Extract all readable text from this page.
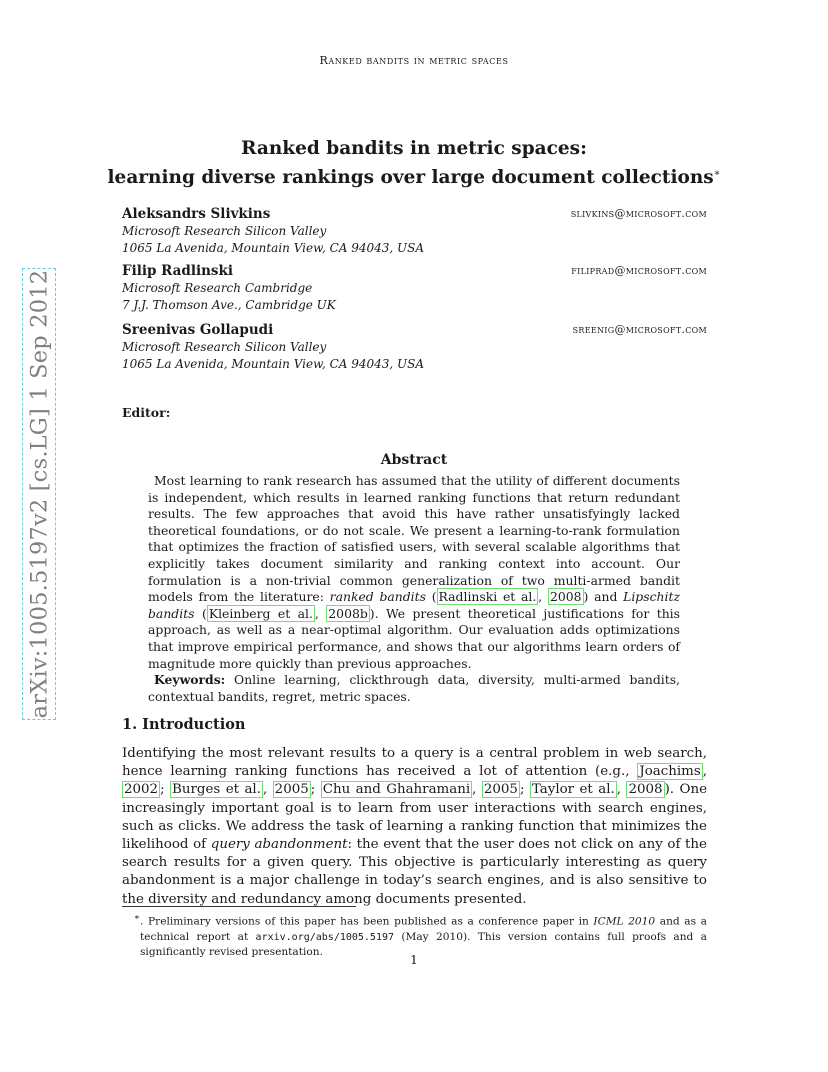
Ranked bandits in metric spaces
Ranked bandits in metric spaces:
learning diverse rankings over large document collections∗
arXiv:1005.5197v2 [cs.LG] 1 Sep 2012
Aleksandrs Slivkins	slivkins@microsoft.com
Microsoft Research Silicon Valley
1065 La Avenida, Mountain View, CA 94043, USA
Filip Radlinski	filiprad@microsoft.com
Microsoft Research Cambridge
7 J.J. Thomson Ave., Cambridge UK
Sreenivas Gollapudi	sreenig@microsoft.com
Microsoft Research Silicon Valley
1065 La Avenida, Mountain View, CA 94043, USA
Editor:
Abstract

Most learning to rank research has assumed that the utility of different documents is independent, which results in learned ranking functions that return redundant results. The few approaches that avoid this have rather unsatisfyingly lacked theoretical foundations, or do not scale. We present a learning-to-rank formulation that optimizes the fraction of satisfied users, with several scalable algorithms that explicitly takes document similarity and ranking context into account. Our formulation is a non-trivial common generalization of two multi-armed bandit models from the literature: ranked bandits ( Radlinski et al. , 2008 ) and Lipschitz bandits ( Kleinberg et al. , 2008b ). We present theoretical justifications for this approach, as well as a near-optimal algorithm. Our evaluation adds optimizations that improve empirical performance, and shows that our algorithms learn orders of magnitude more quickly than previous approaches.

Keywords: Online learning, clickthrough data, diversity, multi-armed bandits, contextual bandits, regret, metric spaces.

1. Introduction

Identifying the most relevant results to a query is a central problem in web search, hence learning ranking functions has received a lot of attention (e.g., Joachims , 2002 ; Burges et al. , 2005 ; Chu and Ghahramani , 2005 ; Taylor et al. , 2008 ). One increasingly important goal is to learn from user interactions with search engines, such as clicks. We address the task of learning a ranking function that minimizes the likelihood of query abandonment: the event that the user does not click on any of the search results for a given query. This objective is particularly interesting as query abandonment is a major challenge in today’s search engines, and is also sensitive to the diversity and redundancy among documents presented.

∗. Preliminary versions of this paper has been published as a conference paper in ICML 2010 and as a technical report at arxiv.org/abs/1005.5197 (May 2010). This version contains full proofs and a significantly revised presentation.

1
